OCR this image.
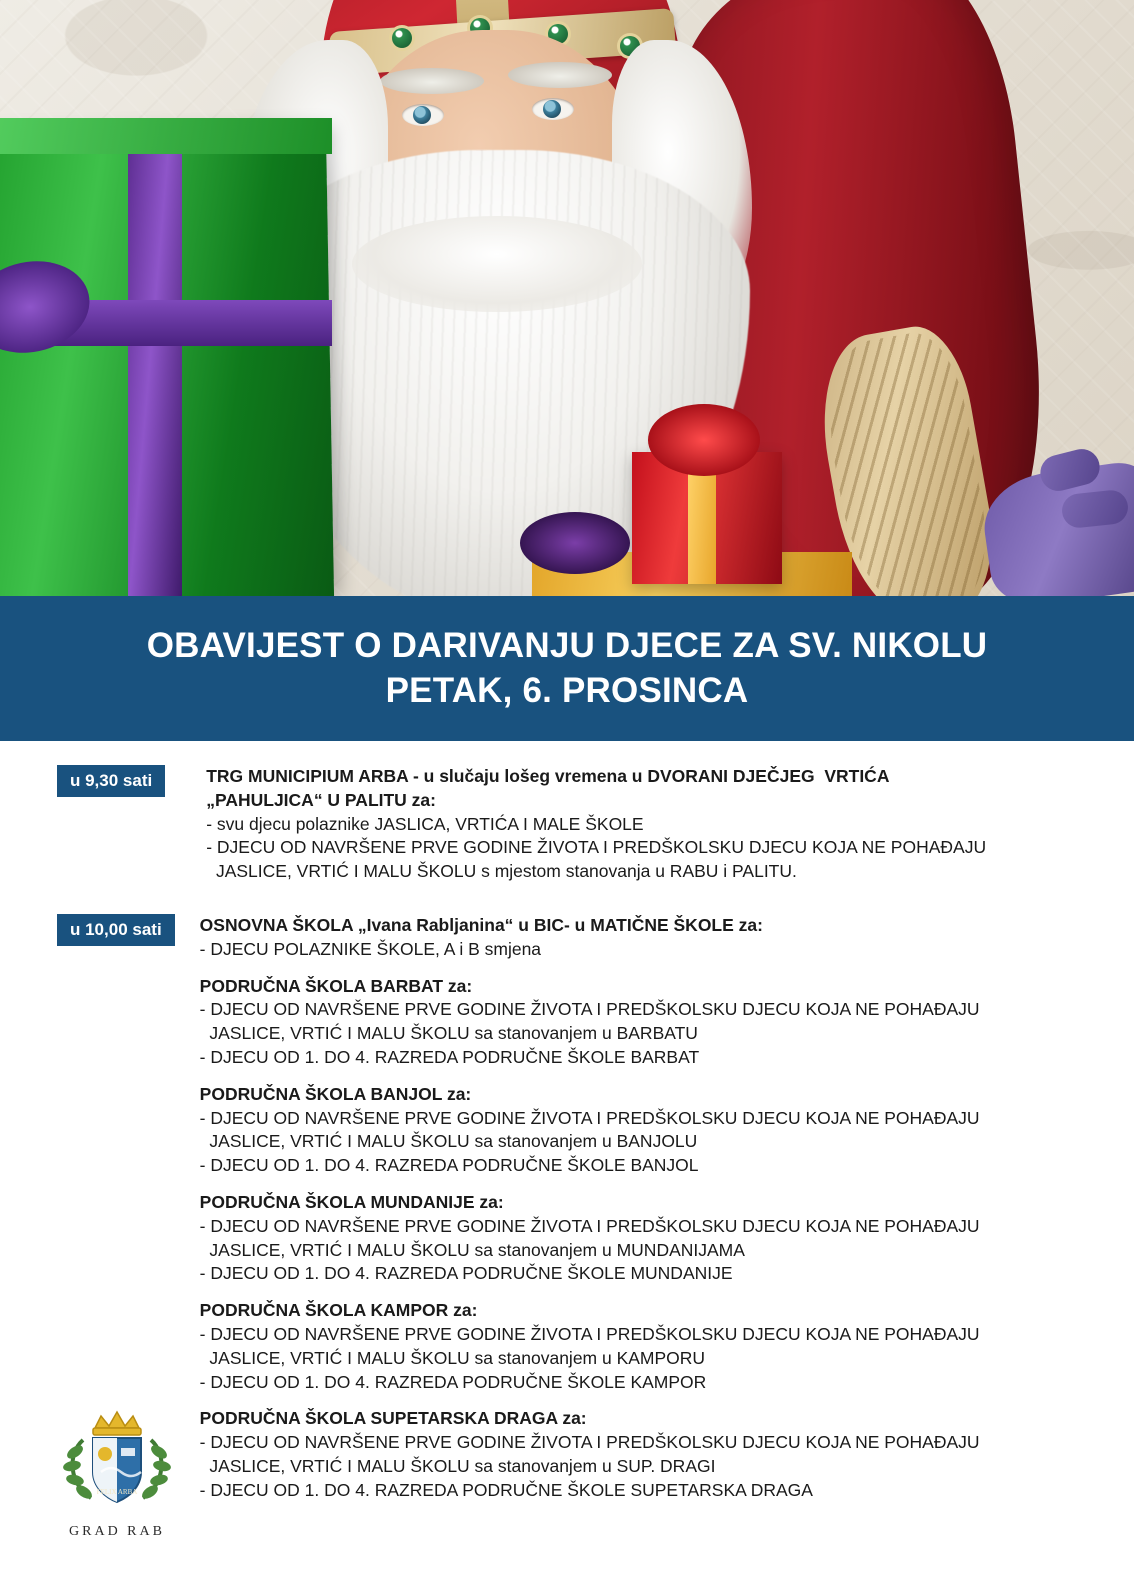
OBAVIJEST O DARIVANJU DJECE ZA SV. NIKOLU
PETAK, 6. PROSINCA
u 9,30 sati	TRG MUNICIPIUM ARBA - u slučaju lošeg vremena u DVORANI DJEČJEG  VRTIĆA
„PAHULJICA“ U PALITU za:
- svu djecu polaznike JASLICA, VRTIĆA I MALE ŠKOLE
- DJECU OD NAVRŠENE PRVE GODINE ŽIVOTA I PREDŠKOLSKU DJECU KOJA NE POHAĐAJU
JASLICE, VRTIĆ I MALU ŠKOLU s mjestom stanovanja u RABU i PALITU.
u 10,00 sati	OSNOVNA ŠKOLA „Ivana Rabljanina“ u BIC- u MATIČNE ŠKOLE za:
- DJECU POLAZNIKE ŠKOLE, A i B smjena
PODRUČNA ŠKOLA BARBAT za:
- DJECU OD NAVRŠENE PRVE GODINE ŽIVOTA I PREDŠKOLSKU DJECU KOJA NE POHAĐAJU
JASLICE, VRTIĆ I MALU ŠKOLU sa stanovanjem u BARBATU
- DJECU OD 1. DO 4. RAZREDA PODRUČNE ŠKOLE BARBAT
PODRUČNA ŠKOLA BANJOL za:
- DJECU OD NAVRŠENE PRVE GODINE ŽIVOTA I PREDŠKOLSKU DJECU KOJA NE POHAĐAJU
JASLICE, VRTIĆ I MALU ŠKOLU sa stanovanjem u BANJOLU
- DJECU OD 1. DO 4. RAZREDA PODRUČNE ŠKOLE BANJOL
PODRUČNA ŠKOLA MUNDANIJE za:
- DJECU OD NAVRŠENE PRVE GODINE ŽIVOTA I PREDŠKOLSKU DJECU KOJA NE POHAĐAJU
JASLICE, VRTIĆ I MALU ŠKOLU sa stanovanjem u MUNDANIJAMA
- DJECU OD 1. DO 4. RAZREDA PODRUČNE ŠKOLE MUNDANIJE
PODRUČNA ŠKOLA KAMPOR za:
- DJECU OD NAVRŠENE PRVE GODINE ŽIVOTA I PREDŠKOLSKU DJECU KOJA NE POHAĐAJU
JASLICE, VRTIĆ I MALU ŠKOLU sa stanovanjem u KAMPORU
- DJECU OD 1. DO 4. RAZREDA PODRUČNE ŠKOLE KAMPOR
PODRUČNA ŠKOLA SUPETARSKA DRAGA za:
- DJECU OD NAVRŠENE PRVE GODINE ŽIVOTA I PREDŠKOLSKU DJECU KOJA NE POHAĐAJU
JASLICE, VRTIĆ I MALU ŠKOLU sa stanovanjem u SUP. DRAGI
- DJECU OD 1. DO 4. RAZREDA PODRUČNE ŠKOLE SUPETARSKA DRAGA
FELIX ARBA
GRAD RAB
